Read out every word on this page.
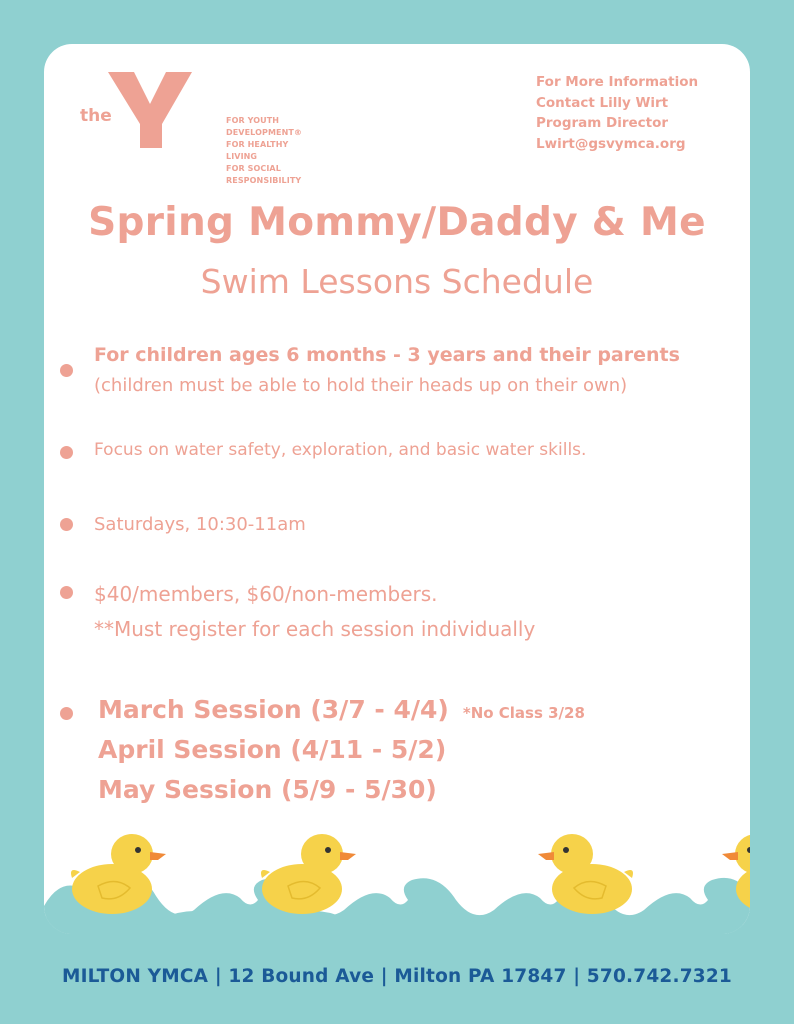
the
YMCA	FOR YOUTH DEVELOPMENT®
FOR HEALTHY LIVING
FOR SOCIAL RESPONSIBILITY
For More Information
Contact Lilly Wirt
Program Director
Lwirt@gsvymca.org
Spring Mommy/Daddy & Me
Swim Lessons Schedule
For children ages 6 months - 3 years and their parents
(children must be able to hold their heads up on their own)
Focus on water safety, exploration, and basic water skills.
Saturdays, 10:30-11am
$40/members, $60/non-members.
**Must register for each session individually
March Session (3/7 - 4/4) *No Class 3/28
April Session (4/11 - 5/2)
May Session (5/9 - 5/30)
MILTON YMCA | 12 Bound Ave | Milton PA 17847 | 570.742.7321
